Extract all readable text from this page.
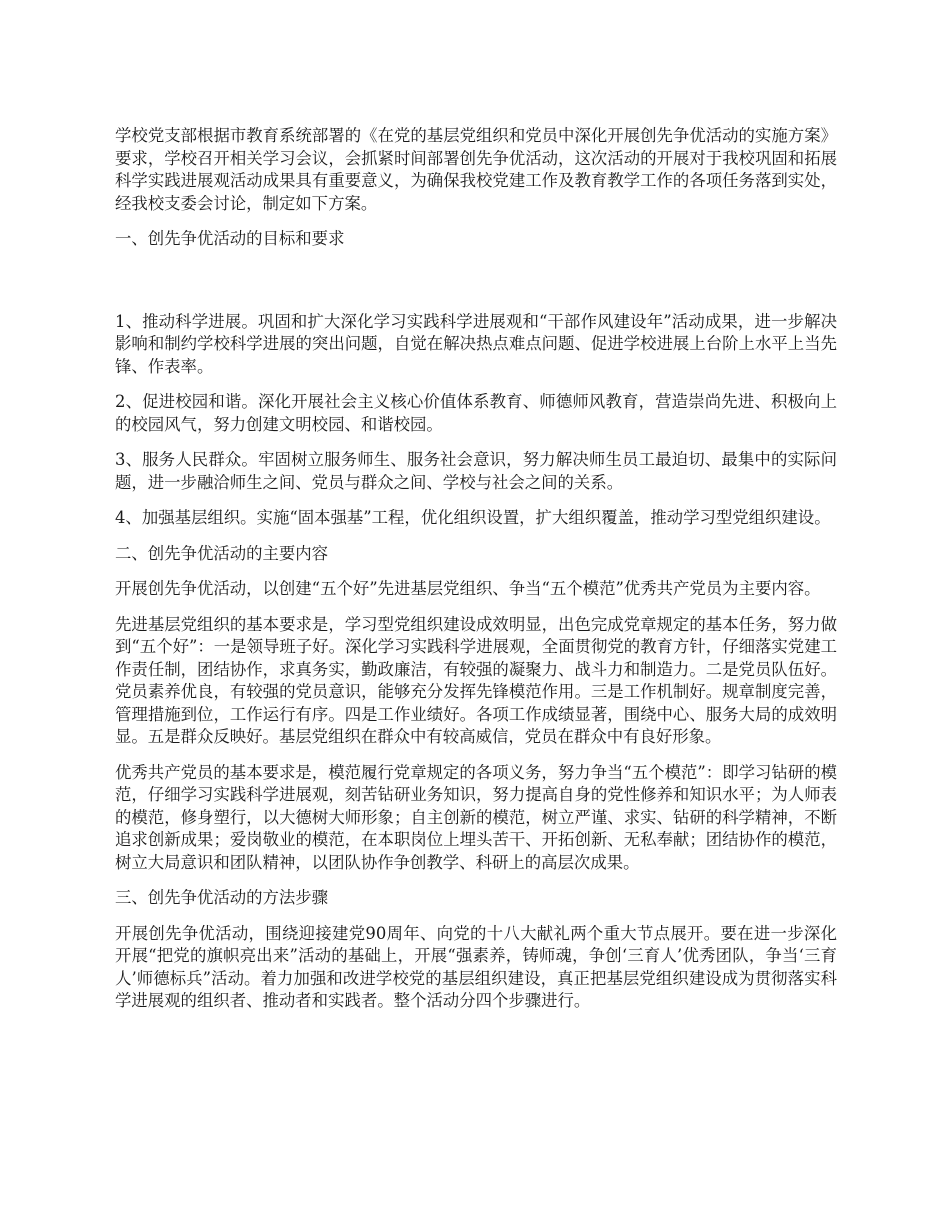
学校党支部根据市教育系统部署的《在党的基层党组织和党员中深化开展创先争优活动的实施方案》要求，学校召开相关学习会议，会抓紧时间部署创先争优活动，这次活动的开展对于我校巩固和拓展科学实践进展观活动成果具有重要意义，为确保我校党建工作及教育教学工作的各项任务落到实处，经我校支委会讨论，制定如下方案。

一、创先争优活动的目标和要求

1、推动科学进展。巩固和扩大深化学习实践科学进展观和“干部作风建设年”活动成果，进一步解决影响和制约学校科学进展的突出问题，自觉在解决热点难点问题、促进学校进展上台阶上水平上当先锋、作表率。

2、促进校园和谐。深化开展社会主义核心价值体系教育、师德师风教育，营造崇尚先进、积极向上的校园风气，努力创建文明校园、和谐校园。

3、服务人民群众。牢固树立服务师生、服务社会意识，努力解决师生员工最迫切、最集中的实际问题，进一步融洽师生之间、党员与群众之间、学校与社会之间的关系。

4、加强基层组织。实施“固本强基”工程，优化组织设置，扩大组织覆盖，推动学习型党组织建设。

二、创先争优活动的主要内容

开展创先争优活动，以创建“五个好”先进基层党组织、争当“五个模范”优秀共产党员为主要内容。

先进基层党组织的基本要求是，学习型党组织建设成效明显，出色完成党章规定的基本任务，努力做到“五个好”：一是领导班子好。深化学习实践科学进展观，全面贯彻党的教育方针，仔细落实党建工作责任制，团结协作，求真务实，勤政廉洁，有较强的凝聚力、战斗力和制造力。二是党员队伍好。党员素养优良，有较强的党员意识，能够充分发挥先锋模范作用。三是工作机制好。规章制度完善，管理措施到位，工作运行有序。四是工作业绩好。各项工作成绩显著，围绕中心、服务大局的成效明显。五是群众反映好。基层党组织在群众中有较高威信，党员在群众中有良好形象。

优秀共产党员的基本要求是，模范履行党章规定的各项义务，努力争当“五个模范”：即学习钻研的模范，仔细学习实践科学进展观，刻苦钻研业务知识，努力提高自身的党性修养和知识水平；为人师表的模范，修身塑行，以大德树大师形象；自主创新的模范，树立严谨、求实、钻研的科学精神，不断追求创新成果；爱岗敬业的模范，在本职岗位上埋头苦干、开拓创新、无私奉献；团结协作的模范，树立大局意识和团队精神，以团队协作争创教学、科研上的高层次成果。

三、创先争优活动的方法步骤

开展创先争优活动，围绕迎接建党90周年、向党的十八大献礼两个重大节点展开。要在进一步深化开展“把党的旗帜亮出来”活动的基础上，开展“强素养，铸师魂，争创‘三育人’优秀团队，争当‘三育人’师德标兵”活动。着力加强和改进学校党的基层组织建设，真正把基层党组织建设成为贯彻落实科学进展观的组织者、推动者和实践者。整个活动分四个步骤进行。
